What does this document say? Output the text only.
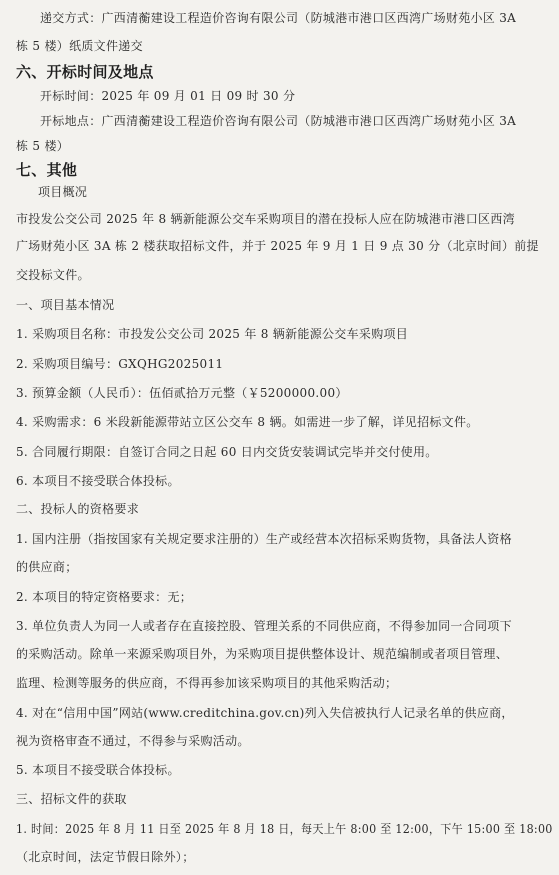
递交方式：广西清蘅建设工程造价咨询有限公司（防城港市港口区西湾广场财苑小区 3A
栋 5 楼）纸质文件递交
六、开标时间及地点
开标时间：2025 年 09 月 01 日 09 时 30 分
开标地点：广西清蘅建设工程造价咨询有限公司（防城港市港口区西湾广场财苑小区 3A
栋 5 楼）
七、其他
项目概况
市投发公交公司 2025 年 8 辆新能源公交车采购项目的潜在投标人应在防城港市港口区西湾
广场财苑小区 3A 栋 2 楼获取招标文件，并于 2025 年 9 月 1 日 9 点 30 分（北京时间）前提
交投标文件。
一、项目基本情况
1. 采购项目名称：市投发公交公司 2025 年 8 辆新能源公交车采购项目
2. 采购项目编号：GXQHG2025011
3. 预算金额（人民币）：伍佰贰拾万元整（￥5200000.00）
4. 采购需求：6 米段新能源带站立区公交车 8 辆。如需进一步了解，详见招标文件。
5. 合同履行期限：自签订合同之日起 60 日内交货安装调试完毕并交付使用。
6. 本项目不接受联合体投标。
二、投标人的资格要求
1. 国内注册（指按国家有关规定要求注册的）生产或经营本次招标采购货物，具备法人资格
的供应商；
2. 本项目的特定资格要求：无；
3. 单位负责人为同一人或者存在直接控股、管理关系的不同供应商，不得参加同一合同项下
的采购活动。除单一来源采购项目外，为采购项目提供整体设计、规范编制或者项目管理、
监理、检测等服务的供应商，不得再参加该采购项目的其他采购活动；
4. 对在“信用中国”网站(www.creditchina.gov.cn)列入失信被执行人记录名单的供应商，
视为资格审查不通过，不得参与采购活动。
5. 本项目不接受联合体投标。
三、招标文件的获取
1. 时间：2025 年 8 月 11 日至 2025 年 8 月 18 日，每天上午 8:00 至 12:00，下午 15:00 至 18:00
（北京时间，法定节假日除外）；
